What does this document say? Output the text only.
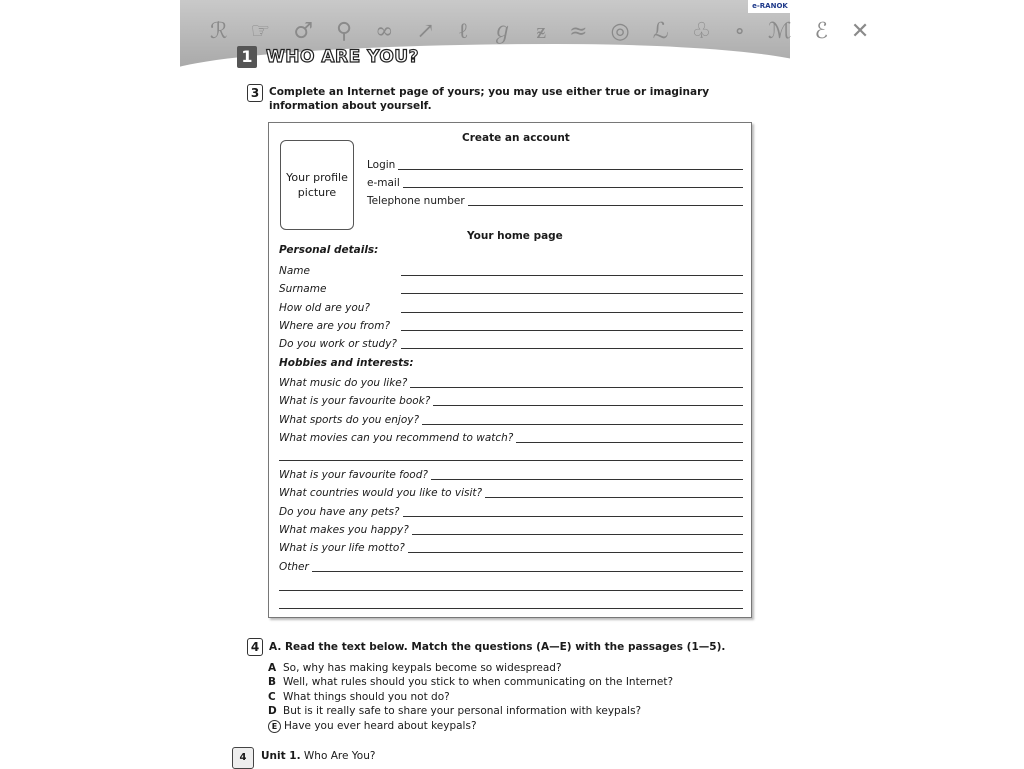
ℛ ☞ ♂ ⚲ ∞ ↗ ℓ ℊ ᵶ ≈ ◎ ℒ ♧ ∘ ℳ ℰ ✕
e-RANOK
1 WHO ARE YOU?
3 Complete an Internet page of yours; you may use either true or imaginary information about yourself.
Create an account
Your profile picture
Login
e-mail
Telephone number
Your home page
Personal details:
Name
Surname
How old are you?
Where are you from?
Do you work or study?
Hobbies and interests:
What music do you like?
What is your favourite book?
What sports do you enjoy?
What movies can you recommend to watch?
What is your favourite food?
What countries would you like to visit?
Do you have any pets?
What makes you happy?
What is your life motto?
Other
4 A. Read the text below. Match the questions (A—E) with the passages (1—5).
A So, why has making keypals become so widespread?
B Well, what rules should you stick to when communicating on the Internet?
C What things should you not do?
D But is it really safe to share your personal information with keypals?
E Have you ever heard about keypals?
4	Unit 1. Who Are You?
